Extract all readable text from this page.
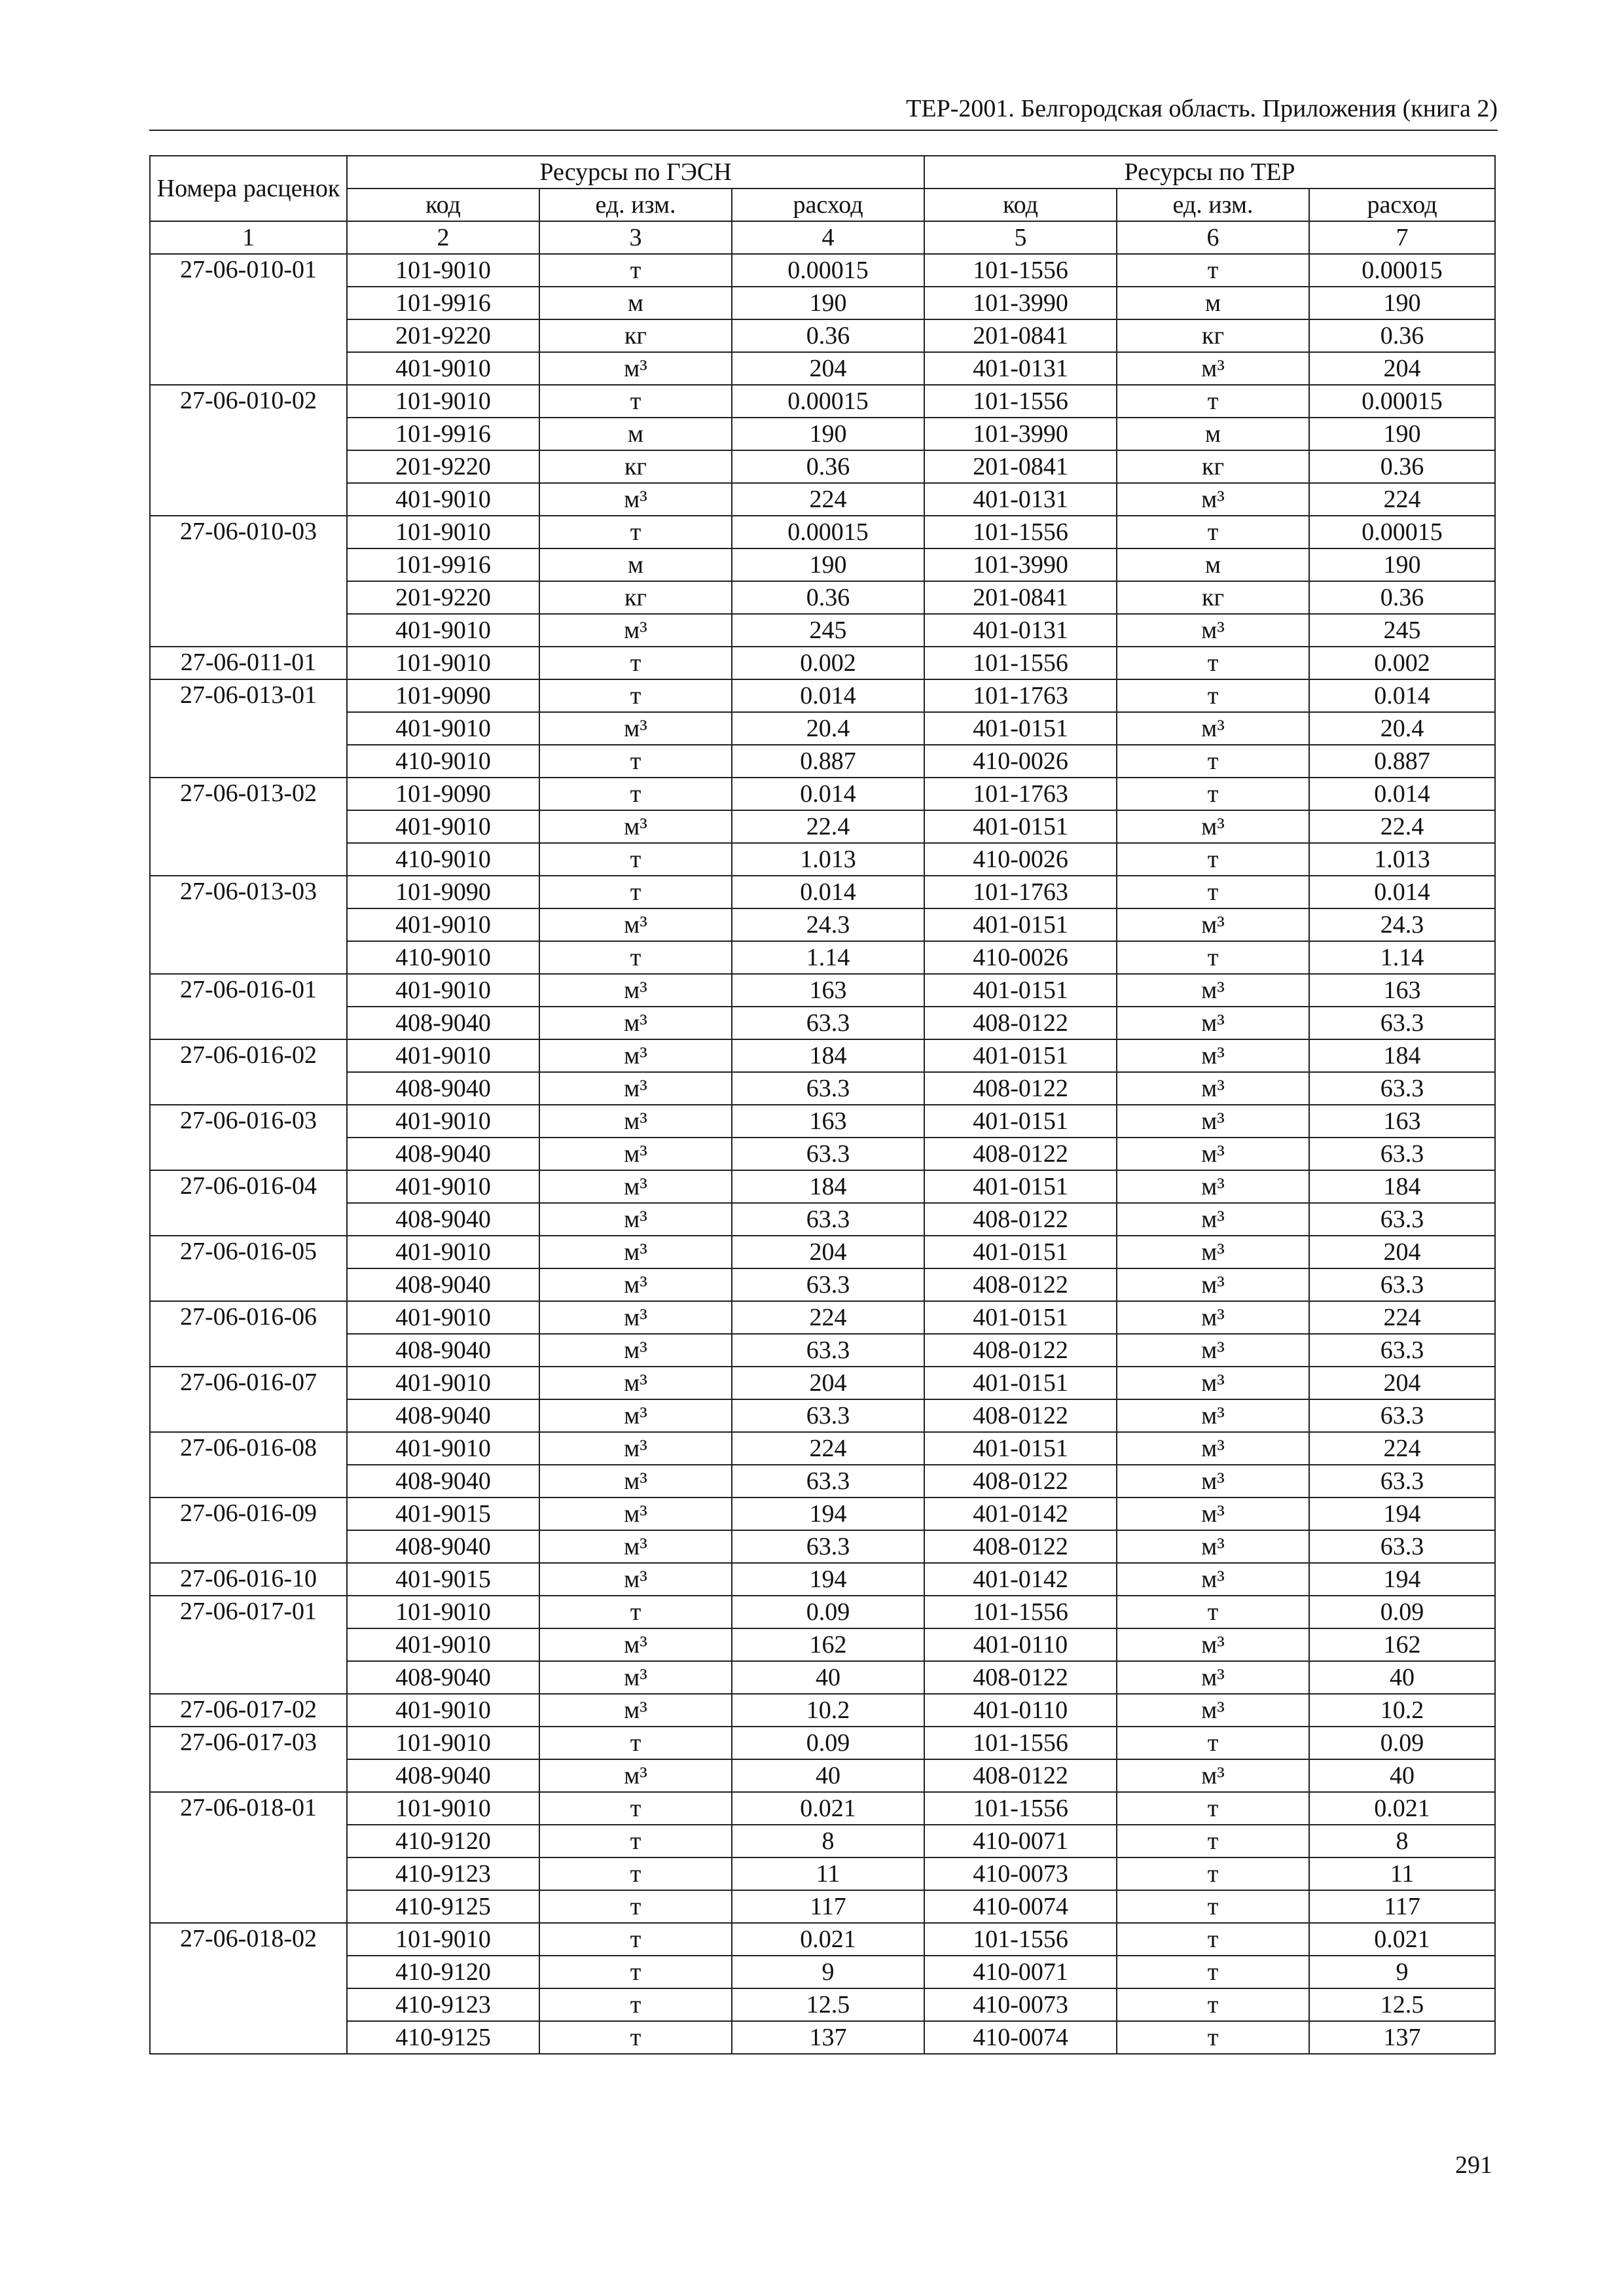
ТЕР-2001. Белгородская область. Приложения (книга 2)
Номера расценок	Ресурсы по ГЭСН			Ресурсы по ТЕР		
	код	ед. изм.	расход	код	ед. изм.	расход
1	2	3	4	5	6	7
27-06-010-01	101-9010	т	0.00015	101-1556	т	0.00015
	101-9916	м	190	101-3990	м	190
	201-9220	кг	0.36	201-0841	кг	0.36
	401-9010	м³	204	401-0131	м³	204
27-06-010-02	101-9010	т	0.00015	101-1556	т	0.00015
	101-9916	м	190	101-3990	м	190
	201-9220	кг	0.36	201-0841	кг	0.36
	401-9010	м³	224	401-0131	м³	224
27-06-010-03	101-9010	т	0.00015	101-1556	т	0.00015
	101-9916	м	190	101-3990	м	190
	201-9220	кг	0.36	201-0841	кг	0.36
	401-9010	м³	245	401-0131	м³	245
27-06-011-01	101-9010	т	0.002	101-1556	т	0.002
27-06-013-01	101-9090	т	0.014	101-1763	т	0.014
	401-9010	м³	20.4	401-0151	м³	20.4
	410-9010	т	0.887	410-0026	т	0.887
27-06-013-02	101-9090	т	0.014	101-1763	т	0.014
	401-9010	м³	22.4	401-0151	м³	22.4
	410-9010	т	1.013	410-0026	т	1.013
27-06-013-03	101-9090	т	0.014	101-1763	т	0.014
	401-9010	м³	24.3	401-0151	м³	24.3
	410-9010	т	1.14	410-0026	т	1.14
27-06-016-01	401-9010	м³	163	401-0151	м³	163
	408-9040	м³	63.3	408-0122	м³	63.3
27-06-016-02	401-9010	м³	184	401-0151	м³	184
	408-9040	м³	63.3	408-0122	м³	63.3
27-06-016-03	401-9010	м³	163	401-0151	м³	163
	408-9040	м³	63.3	408-0122	м³	63.3
27-06-016-04	401-9010	м³	184	401-0151	м³	184
	408-9040	м³	63.3	408-0122	м³	63.3
27-06-016-05	401-9010	м³	204	401-0151	м³	204
	408-9040	м³	63.3	408-0122	м³	63.3
27-06-016-06	401-9010	м³	224	401-0151	м³	224
	408-9040	м³	63.3	408-0122	м³	63.3
27-06-016-07	401-9010	м³	204	401-0151	м³	204
	408-9040	м³	63.3	408-0122	м³	63.3
27-06-016-08	401-9010	м³	224	401-0151	м³	224
	408-9040	м³	63.3	408-0122	м³	63.3
27-06-016-09	401-9015	м³	194	401-0142	м³	194
	408-9040	м³	63.3	408-0122	м³	63.3
27-06-016-10	401-9015	м³	194	401-0142	м³	194
27-06-017-01	101-9010	т	0.09	101-1556	т	0.09
	401-9010	м³	162	401-0110	м³	162
	408-9040	м³	40	408-0122	м³	40
27-06-017-02	401-9010	м³	10.2	401-0110	м³	10.2
27-06-017-03	101-9010	т	0.09	101-1556	т	0.09
	408-9040	м³	40	408-0122	м³	40
27-06-018-01	101-9010	т	0.021	101-1556	т	0.021
	410-9120	т	8	410-0071	т	8
	410-9123	т	11	410-0073	т	11
	410-9125	т	117	410-0074	т	117
27-06-018-02	101-9010	т	0.021	101-1556	т	0.021
	410-9120	т	9	410-0071	т	9
	410-9123	т	12.5	410-0073	т	12.5
	410-9125	т	137	410-0074	т	137
291
